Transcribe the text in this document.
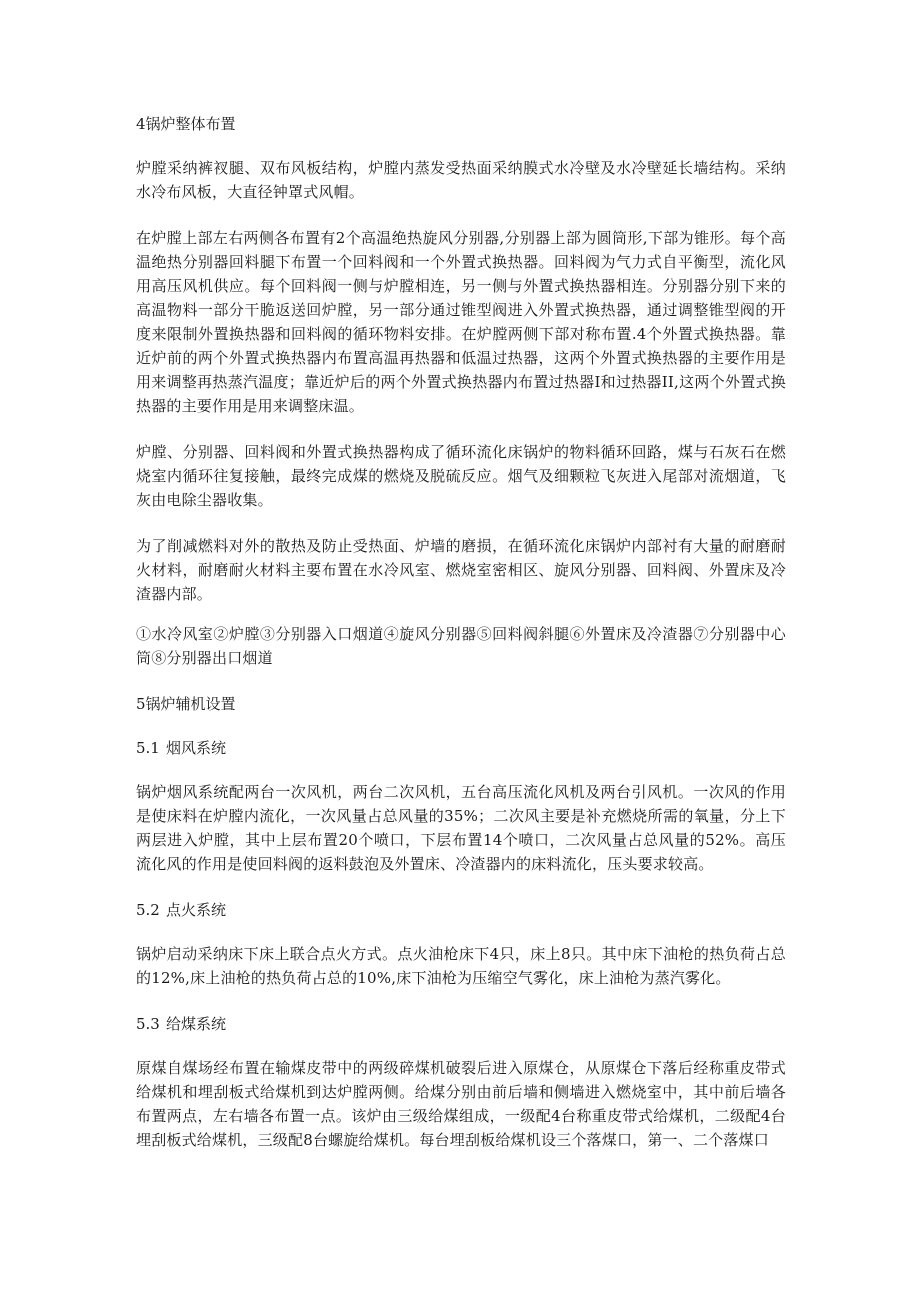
4锅炉整体布置

炉膛采纳裤衩腿、双布风板结构，炉膛内蒸发受热面采纳膜式水冷壁及水冷壁延长墙结构。采纳水冷布风板，大直径钟罩式风帽。

在炉膛上部左右两侧各布置有2个高温绝热旋风分别器,分别器上部为圆筒形,下部为锥形。每个高温绝热分别器回料腿下布置一个回料阀和一个外置式换热器。回料阀为气力式自平衡型，流化风用高压风机供应。每个回料阀一侧与炉膛相连，另一侧与外置式换热器相连。分别器分别下来的高温物料一部分干脆返送回炉膛，另一部分通过锥型阀进入外置式换热器，通过调整锥型阀的开度来限制外置换热器和回料阀的循环物料安排。在炉膛两侧下部对称布置.4个外置式换热器。靠近炉前的两个外置式换热器内布置高温再热器和低温过热器，这两个外置式换热器的主要作用是用来调整再热蒸汽温度；靠近炉后的两个外置式换热器内布置过热器I和过热器II,这两个外置式换热器的主要作用是用来调整床温。

炉膛、分别器、回料阀和外置式换热器构成了循环流化床锅炉的物料循环回路，煤与石灰石在燃烧室内循环往复接触，最终完成煤的燃烧及脱硫反应。烟气及细颗粒飞灰进入尾部对流烟道，飞灰由电除尘器收集。

为了削减燃料对外的散热及防止受热面、炉墙的磨损，在循环流化床锅炉内部衬有大量的耐磨耐火材料，耐磨耐火材料主要布置在水冷风室、燃烧室密相区、旋风分别器、回料阀、外置床及冷渣器内部。

①水冷风室②炉膛③分别器入口烟道④旋风分别器⑤回料阀斜腿⑥外置床及冷渣器⑦分别器中心筒⑧分别器出口烟道

5锅炉辅机设置
5.1 烟风系统

锅炉烟风系统配两台一次风机，两台二次风机，五台高压流化风机及两台引风机。一次风的作用是使床料在炉膛内流化，一次风量占总风量的35%；二次风主要是补充燃烧所需的氧量，分上下两层进入炉膛，其中上层布置20个喷口，下层布置14个喷口，二次风量占总风量的52%。高压流化风的作用是使回料阀的返料鼓泡及外置床、冷渣器内的床料流化，压头要求较高。

5.2 点火系统

锅炉启动采纳床下床上联合点火方式。点火油枪床下4只，床上8只。其中床下油枪的热负荷占总的12%,床上油枪的热负荷占总的10%,床下油枪为压缩空气雾化，床上油枪为蒸汽雾化。

5.3 给煤系统

原煤自煤场经布置在输煤皮带中的两级碎煤机破裂后进入原煤仓，从原煤仓下落后经称重皮带式给煤机和埋刮板式给煤机到达炉膛两侧。给煤分别由前后墙和侧墙进入燃烧室中，其中前后墙各布置两点，左右墙各布置一点。该炉由三级给煤组成，一级配4台称重皮带式给煤机，二级配4台埋刮板式给煤机，三级配8台螺旋给煤机。每台埋刮板给煤机设三个落煤口，第一、二个落煤口
